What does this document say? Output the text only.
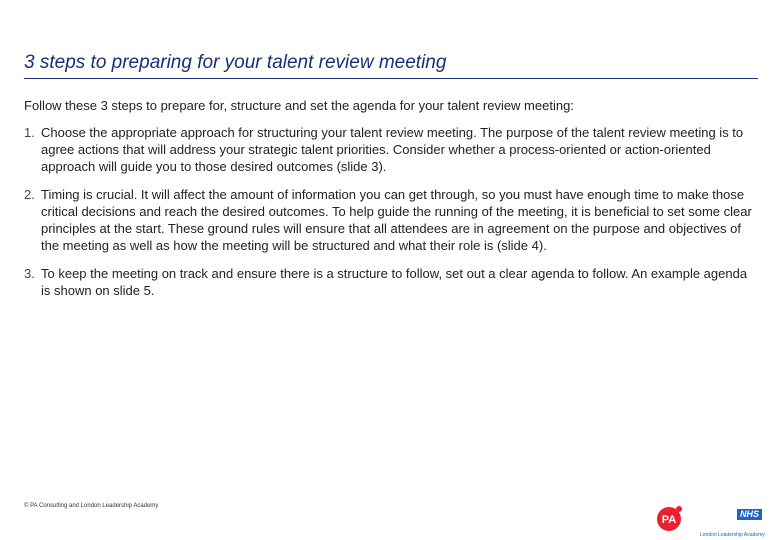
3 steps to preparing for your talent review meeting

Follow these 3 steps to prepare for, structure and set the agenda for your talent review meeting:

1. Choose the appropriate approach for structuring your talent review meeting. The purpose of the talent review meeting is to agree actions that will address your strategic talent priorities. Consider whether a process-oriented or action-oriented approach will guide you to those desired outcomes (slide 3).
2. Timing is crucial. It will affect the amount of information you can get through, so you must have enough time to make those critical decisions and reach the desired outcomes. To help guide the running of the meeting, it is beneficial to set some clear principles at the start. These ground rules will ensure that all attendees are in agreement on the purpose and objectives of the meeting as well as how the meeting will be structured and what their role is (slide 4).
3. To keep the meeting on track and ensure there is a structure to follow, set out a clear agenda to follow. An example agenda is shown on slide 5.
© PA Consulting and London Leadership Academy
PA	NHS
London Leadership Academy
